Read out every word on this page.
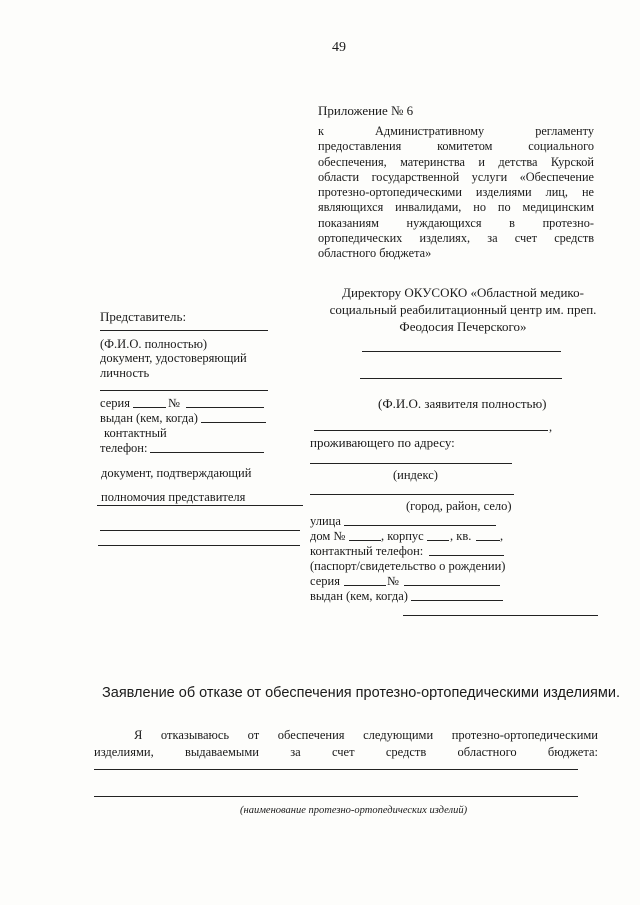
49
Приложение № 6
к Административному регламенту
предоставления комитетом социального
обеспечения, материнства и детства Курской
области государственной услуги «Обеспечение
протезно-ортопедическими изделиями лиц, не
являющихся инвалидами, но по медицинским
показаниям нуждающихся в протезно-
ортопедических изделиях, за счет средств
областного бюджета»
Директору ОКУСОКО «Областной медико-
социальный реабилитационный центр им. преп.
Феодосия Печерского»
Представитель:
(Ф.И.О. полностью)
документ, удостоверяющий
личность
серия	№
выдан (кем, когда)
контактный
телефон:
документ, подтверждающий
полномочия представителя
(Ф.И.О. заявителя полностью)
,
проживающего по адресу:
(индекс)
(город, район, село)
улица
дом №	, корпус , кв. ,
контактный телефон:
(паспорт/свидетельство о рождении)
серия	№
выдан (кем, когда)
Заявление об отказе от обеспечения протезно-ортопедическими изделиями.
Я отказываюсь от обеспечения следующими протезно-ортопедическими
изделиями, выдаваемыми за счет средств областного бюджета:
(наименование протезно-ортопедических изделий)
